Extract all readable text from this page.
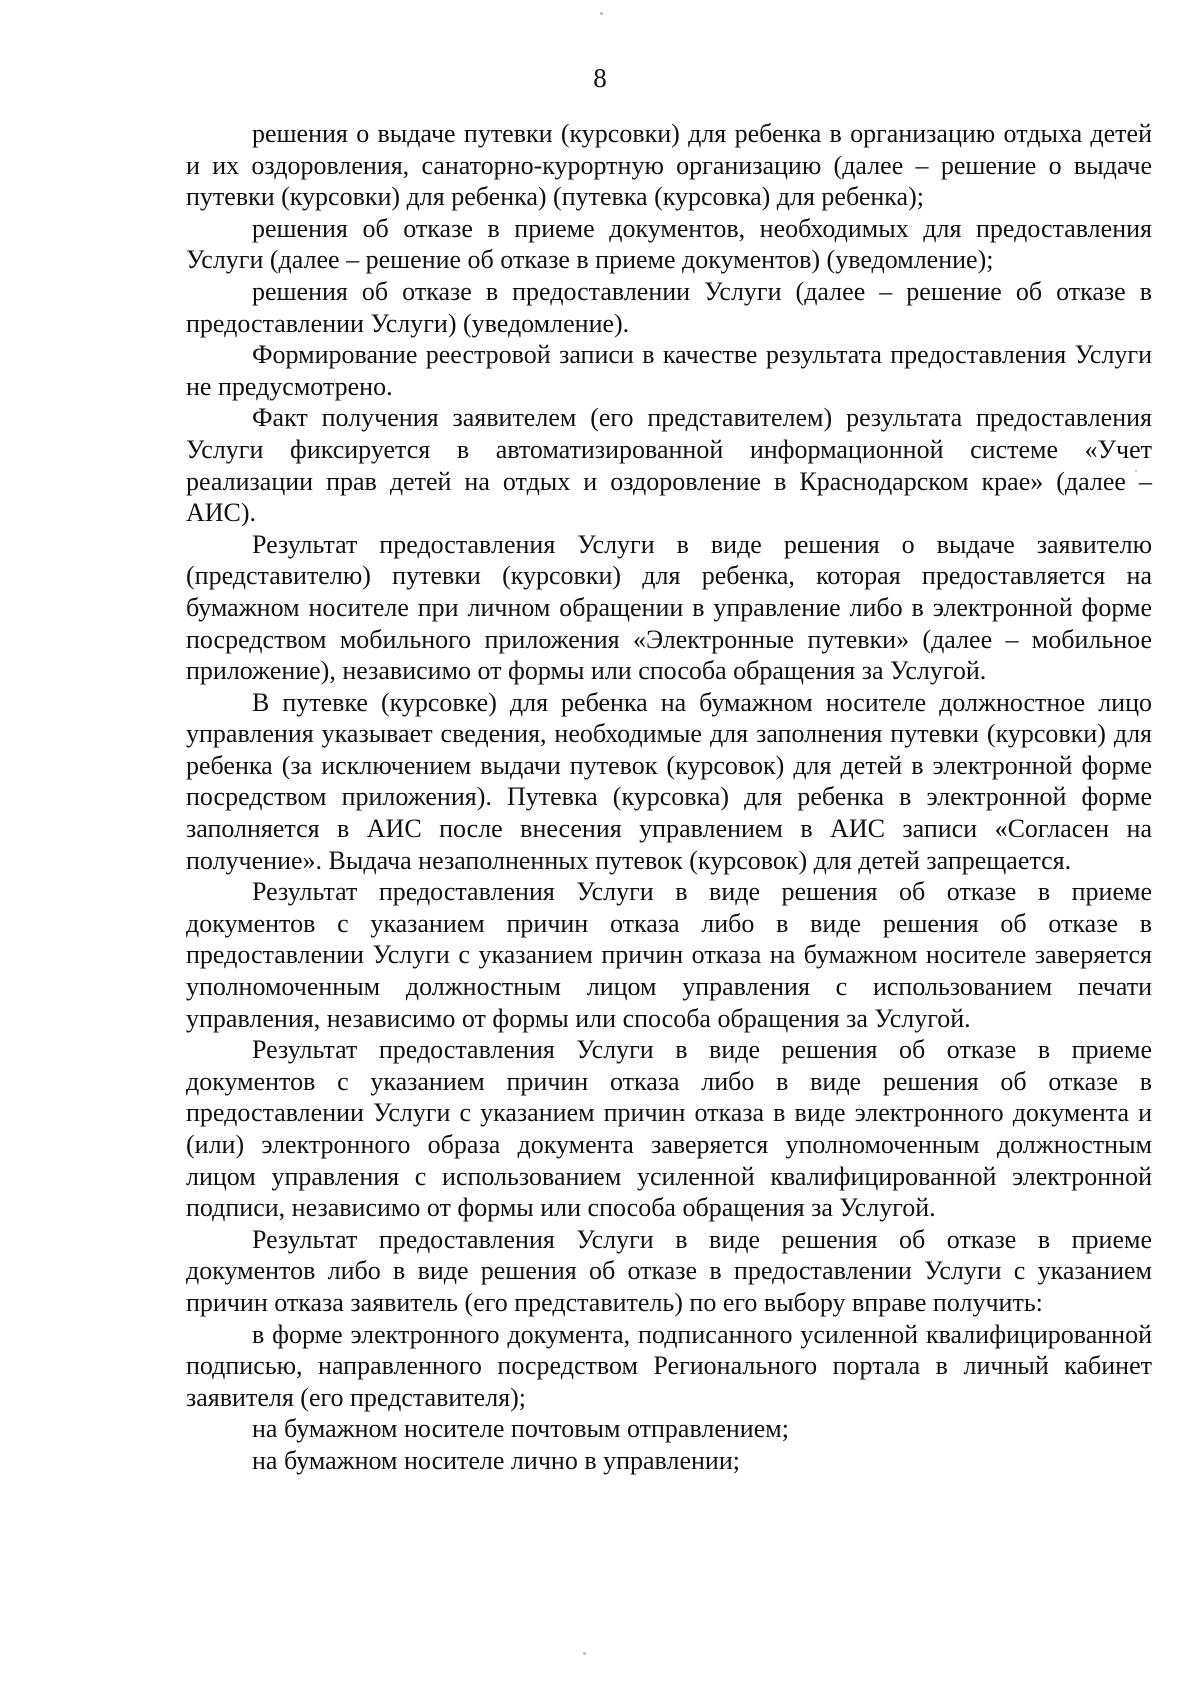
8

решения о выдаче путевки (курсовки) для ребенка в организацию отдыха детей и их оздоровления, санаторно-курортную организацию (далее – решение о выдаче путевки (курсовки) для ребенка) (путевка (курсовка) для ребенка);

решения об отказе в приеме документов, необходимых для предоставления Услуги (далее – решение об отказе в приеме документов) (уведомление);

решения об отказе в предоставлении Услуги (далее – решение об отказе в предоставлении Услуги) (уведомление).

Формирование реестровой записи в качестве результата предоставления Услуги не предусмотрено.

Факт получения заявителем (его представителем) результата предоставления Услуги фиксируется в автоматизированной информационной системе «Учет реализации прав детей на отдых и оздоровление в Краснодарском крае» (далее – АИС).

Результат предоставления Услуги в виде решения о выдаче заявителю (представителю) путевки (курсовки) для ребенка, которая предоставляется на бумажном носителе при личном обращении в управление либо в электронной форме посредством мобильного приложения «Электронные путевки» (далее – мобильное приложение), независимо от формы или способа обращения за Услугой.

В путевке (курсовке) для ребенка на бумажном носителе должностное лицо управления указывает сведения, необходимые для заполнения путевки (курсовки) для ребенка (за исключением выдачи путевок (курсовок) для детей в электронной форме посредством приложения). Путевка (курсовка) для ребенка в электронной форме заполняется в АИС после внесения управлением в АИС записи «Согласен на получение». Выдача незаполненных путевок (курсовок) для детей запрещается.

Результат предоставления Услуги в виде решения об отказе в приеме документов с указанием причин отказа либо в виде решения об отказе в предоставлении Услуги с указанием причин отказа на бумажном носителе заверяется уполномоченным должностным лицом управления с использованием печати управления, независимо от формы или способа обращения за Услугой.

Результат предоставления Услуги в виде решения об отказе в приеме документов с указанием причин отказа либо в виде решения об отказе в предоставлении Услуги с указанием причин отказа в виде электронного документа и (или) электронного образа документа заверяется уполномоченным должностным лицом управления с использованием усиленной квалифицированной электронной подписи, независимо от формы или способа обращения за Услугой.

Результат предоставления Услуги в виде решения об отказе в приеме документов либо в виде решения об отказе в предоставлении Услуги с указанием причин отказа заявитель (его представитель) по его выбору вправе получить:

в форме электронного документа, подписанного усиленной квалифицированной подписью, направленного посредством Регионального портала в личный кабинет заявителя (его представителя);

на бумажном носителе почтовым отправлением;

на бумажном носителе лично в управлении;
